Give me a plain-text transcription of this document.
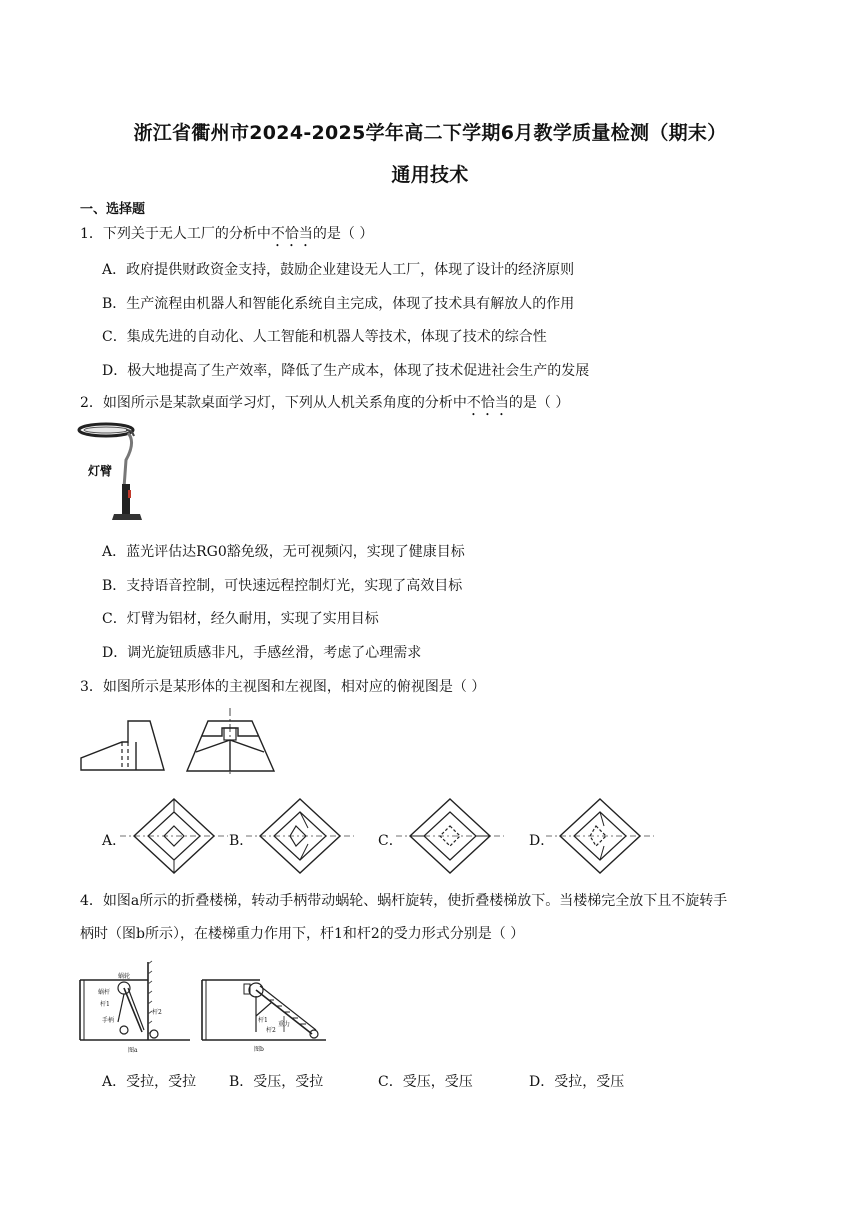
浙江省衢州市2024-2025学年高二下学期6月教学质量检测（期末）
通用技术
一、选择题
1．下列关于无人工厂的分析中不恰当的是（ ）
A．政府提供财政资金支持，鼓励企业建设无人工厂，体现了设计的经济原则
B．生产流程由机器人和智能化系统自主完成，体现了技术具有解放人的作用
C．集成先进的自动化、人工智能和机器人等技术，体现了技术的综合性
D．极大地提高了生产效率，降低了生产成本，体现了技术促进社会生产的发展
2．如图所示是某款桌面学习灯，下列从人机关系角度的分析中不恰当的是（ ）
灯臂
A．蓝光评估达RG0豁免级，无可视频闪，实现了健康目标
B．支持语音控制，可快速远程控制灯光，实现了高效目标
C．灯臂为铝材，经久耐用，实现了实用目标
D．调光旋钮质感非凡，手感丝滑，考虑了心理需求
3．如图所示是某形体的主视图和左视图，相对应的俯视图是（ ）
A．	B．	C．	D．
4．如图a所示的折叠楼梯，转动手柄带动蜗轮、蜗杆旋转，使折叠楼梯放下。当楼梯完全放下且不旋转手
柄时（图b所示），在楼梯重力作用下，杆1和杆2的受力形式分别是（ ）
蜗轮
蜗杆
杆1
手柄
杆2
图a
杆1
杆2
重力
图b
A．受拉，受拉 B．受压，受拉	C．受压，受压	D．受拉，受压
